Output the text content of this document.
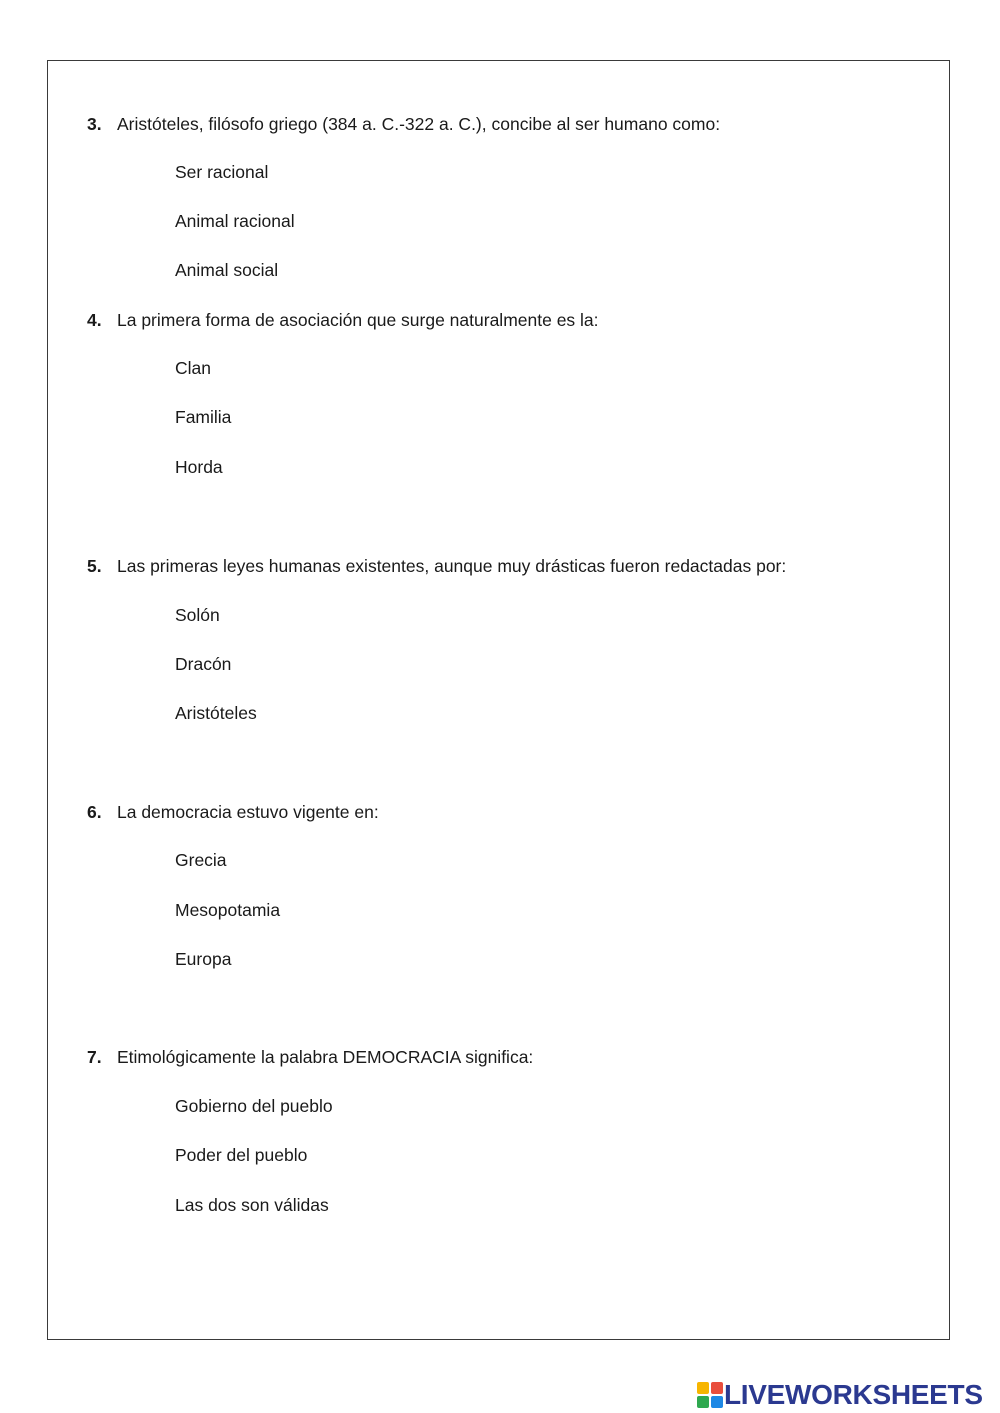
3. Aristóteles, filósofo griego (384 a. C.-322 a. C.), concibe al ser humano como:
Ser racional
Animal racional
Animal social
4. La primera forma de asociación que surge naturalmente es la:
Clan
Familia
Horda
5. Las primeras leyes humanas existentes, aunque muy drásticas fueron redactadas por:
Solón
Dracón
Aristóteles
6. La democracia estuvo vigente en:
Grecia
Mesopotamia
Europa
7. Etimológicamente la palabra DEMOCRACIA significa:
Gobierno del pueblo
Poder del pueblo
Las dos son válidas
LIVEWORKSHEETS
